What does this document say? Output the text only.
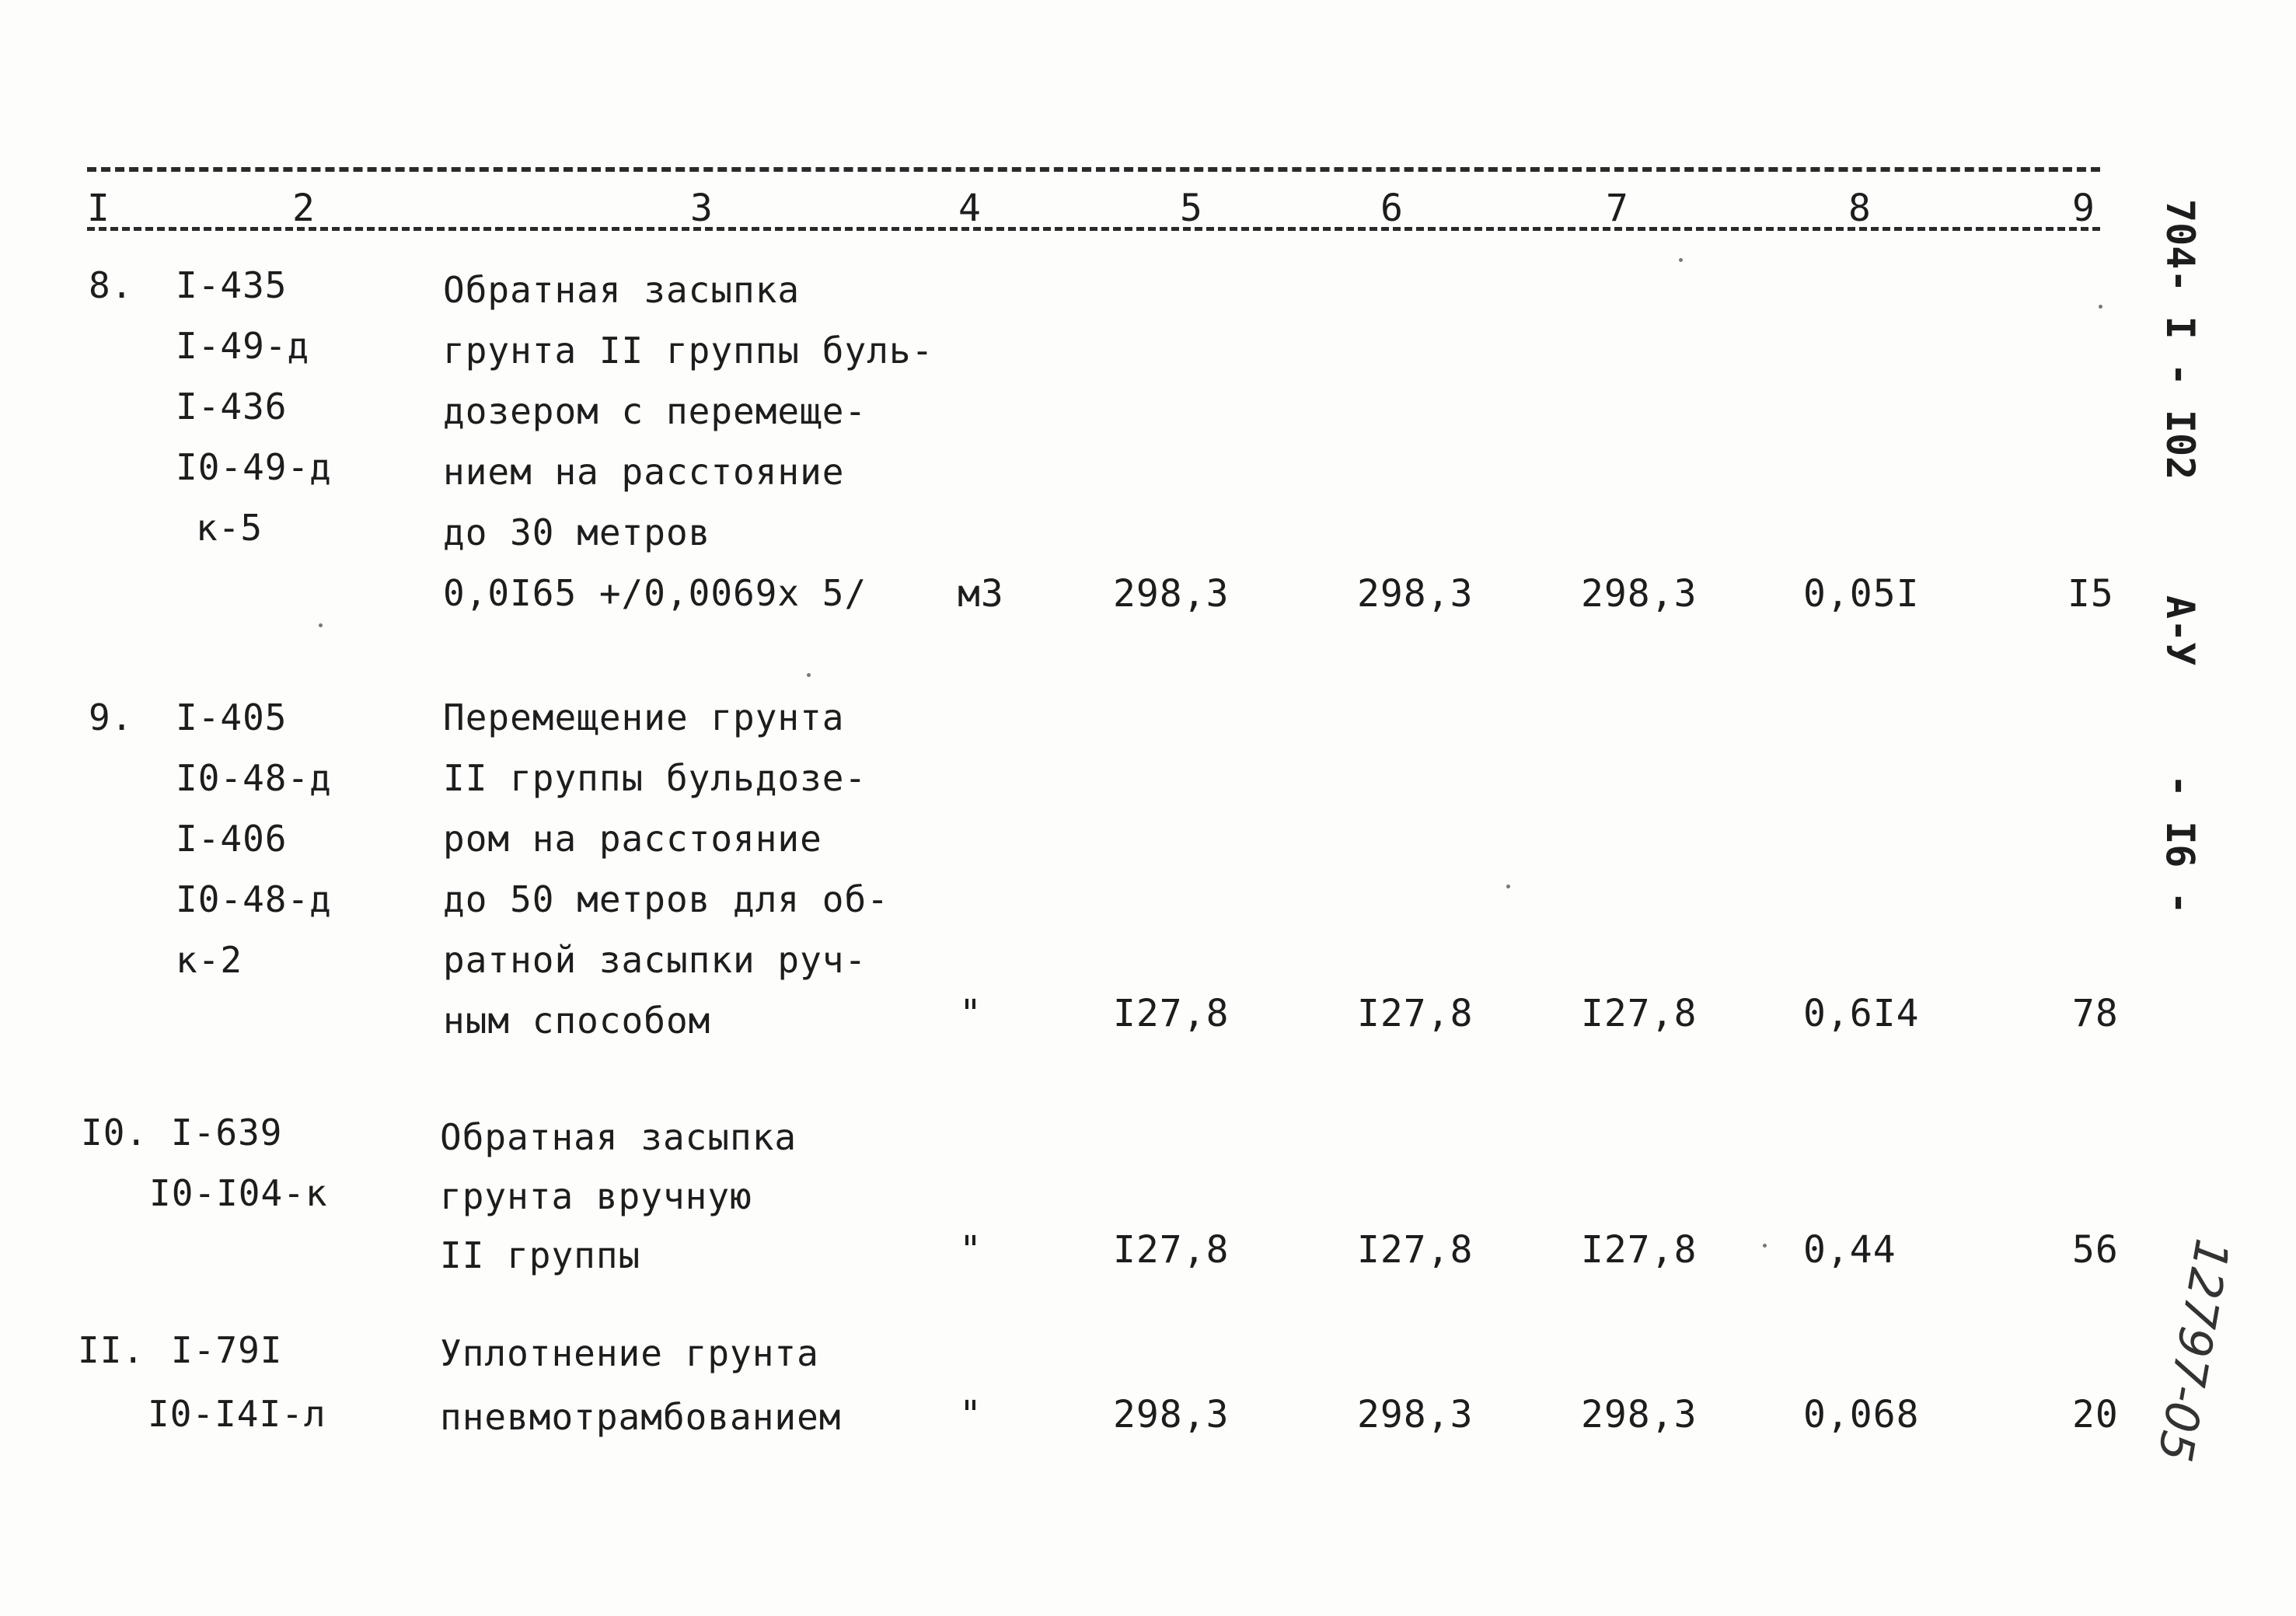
I	2	3	4	5	6	7	8	9
8. I-435
I-49-д
I-436
I0-49-д
к-5
Обратная засыпка
грунта II группы буль-
дозером с перемеще-
нием на расстояние
до 30 метров
0,0I65 +/0,0069х 5/ м3	298,3	298,3	298,3	0,05I	I5
9. I-405
I0-48-д
I-406
I0-48-д
к-2
Перемещение грунта
II группы бульдозе-
ром на расстояние
до 50 метров для об-
ратной засыпки руч-
ным способом	"	I27,8	I27,8	I27,8	0,6I4	78
I0. I-639
I0-I04-к
Обратная засыпка
грунта вручную
II группы	"	I27,8	I27,8	I27,8	0,44	56
II. I-79I
I0-I4I-л
Уплотнение грунта
пневмотрамбованием	"	298,3	298,3	298,3	0,068	20
704- I - I02
A-У
- I6 -
12797-05
